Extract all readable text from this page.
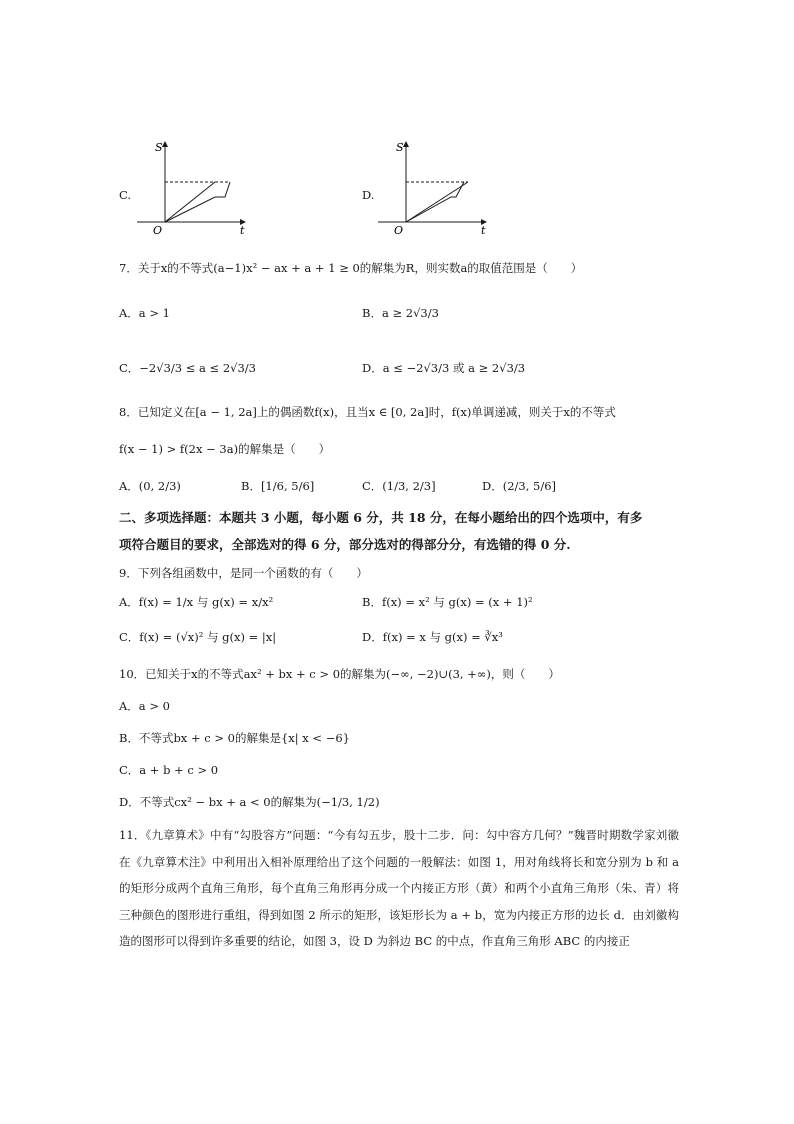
C.
S
t
O
D.
S
t
O
7．关于x的不等式(a−1)x² − ax + a + 1 ≥ 0的解集为R，则实数a的取值范围是（　　）
A．a > 1	B．a ≥ 2√3/3
C．−2√3/3 ≤ a ≤ 2√3/3	D．a ≤ −2√3/3 或 a ≥ 2√3/3
8．已知定义在[a − 1, 2a]上的偶函数f(x)，且当x ∈ [0, 2a]时，f(x)单调递减，则关于x的不等式
f(x − 1) > f(2x − 3a)的解集是（　　）
A．(0, 2/3)	B．[1/6, 5/6]	C．(1/3, 2/3]	D．(2/3, 5/6]
二、多项选择题：本题共 3 小题，每小题 6 分，共 18 分，在每小题给出的四个选项中，有多
项符合题目的要求，全部选对的得 6 分，部分选对的得部分分，有选错的得 0 分.
9．下列各组函数中，是同一个函数的有（　　）
A．f(x) = 1/x 与 g(x) = x/x²	B．f(x) = x² 与 g(x) = (x + 1)²
C．f(x) = (√x)² 与 g(x) = |x|	D．f(x) = x 与 g(x) = ∛x³
10．已知关于x的不等式ax² + bx + c > 0的解集为(−∞, −2)∪(3, +∞)，则（　　）
A．a > 0
B．不等式bx + c > 0的解集是{x| x < −6}
C．a + b + c > 0
D．不等式cx² − bx + a < 0的解集为(−1/3, 1/2)
11．《九章算术》中有“勾股容方”问题：“今有勾五步，股十二步．问：勾中容方几何？”魏晋时期数学家刘徽在《九章算术注》中利用出入相补原理给出了这个问题的一般解法：如图 1，用对角线将长和宽分别为 b 和 a 的矩形分成两个直角三角形，每个直角三角形再分成一个内接正方形（黄）和两个小直角三角形（朱、青）将三种颜色的图形进行重组，得到如图 2 所示的矩形，该矩形长为 a + b，宽为内接正方形的边长 d．由刘徽构造的图形可以得到许多重要的结论，如图 3，设 D 为斜边 BC 的中点，作直角三角形 ABC 的内接正
